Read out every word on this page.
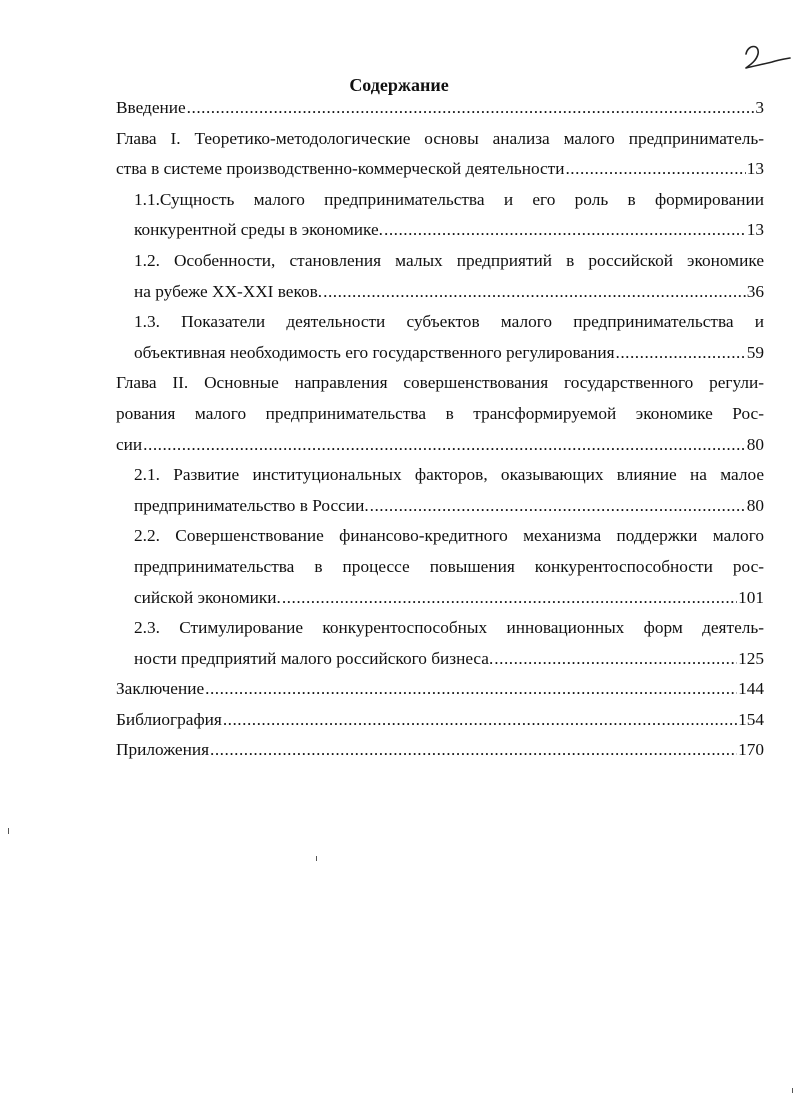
Содержание
Введение .....	3
Глава I. Теоретико-методологические основы анализа малого предприниматель-
ства в системе производственно-коммерческой деятельности .....	13
1.1.Сущность малого предпринимательства и его роль в формировании
конкурентной среды в экономике. .....	13
1.2. Особенности, становления малых предприятий в российской экономике
на рубеже XX-XXI веков. .....	36
1.3. Показатели деятельности субъектов малого предпринимательства и
объективная необходимость его государственного регулирования .....	59
Глава II. Основные направления совершенствования государственного регули-
рования малого предпринимательства в трансформируемой экономике Рос-
сии .....	80
2.1. Развитие институциональных факторов, оказывающих влияние на малое
предпринимательство в России. .....	80
2.2. Совершенствование финансово-кредитного механизма поддержки малого
предпринимательства в процессе повышения конкурентоспособности рос-
сийской экономики. .....	101
2.3. Стимулирование конкурентоспособных инновационных форм деятель-
ности предприятий малого российского бизнеса. .....	125
Заключение .....	144
Библиография .....	154
Приложения .....	170
